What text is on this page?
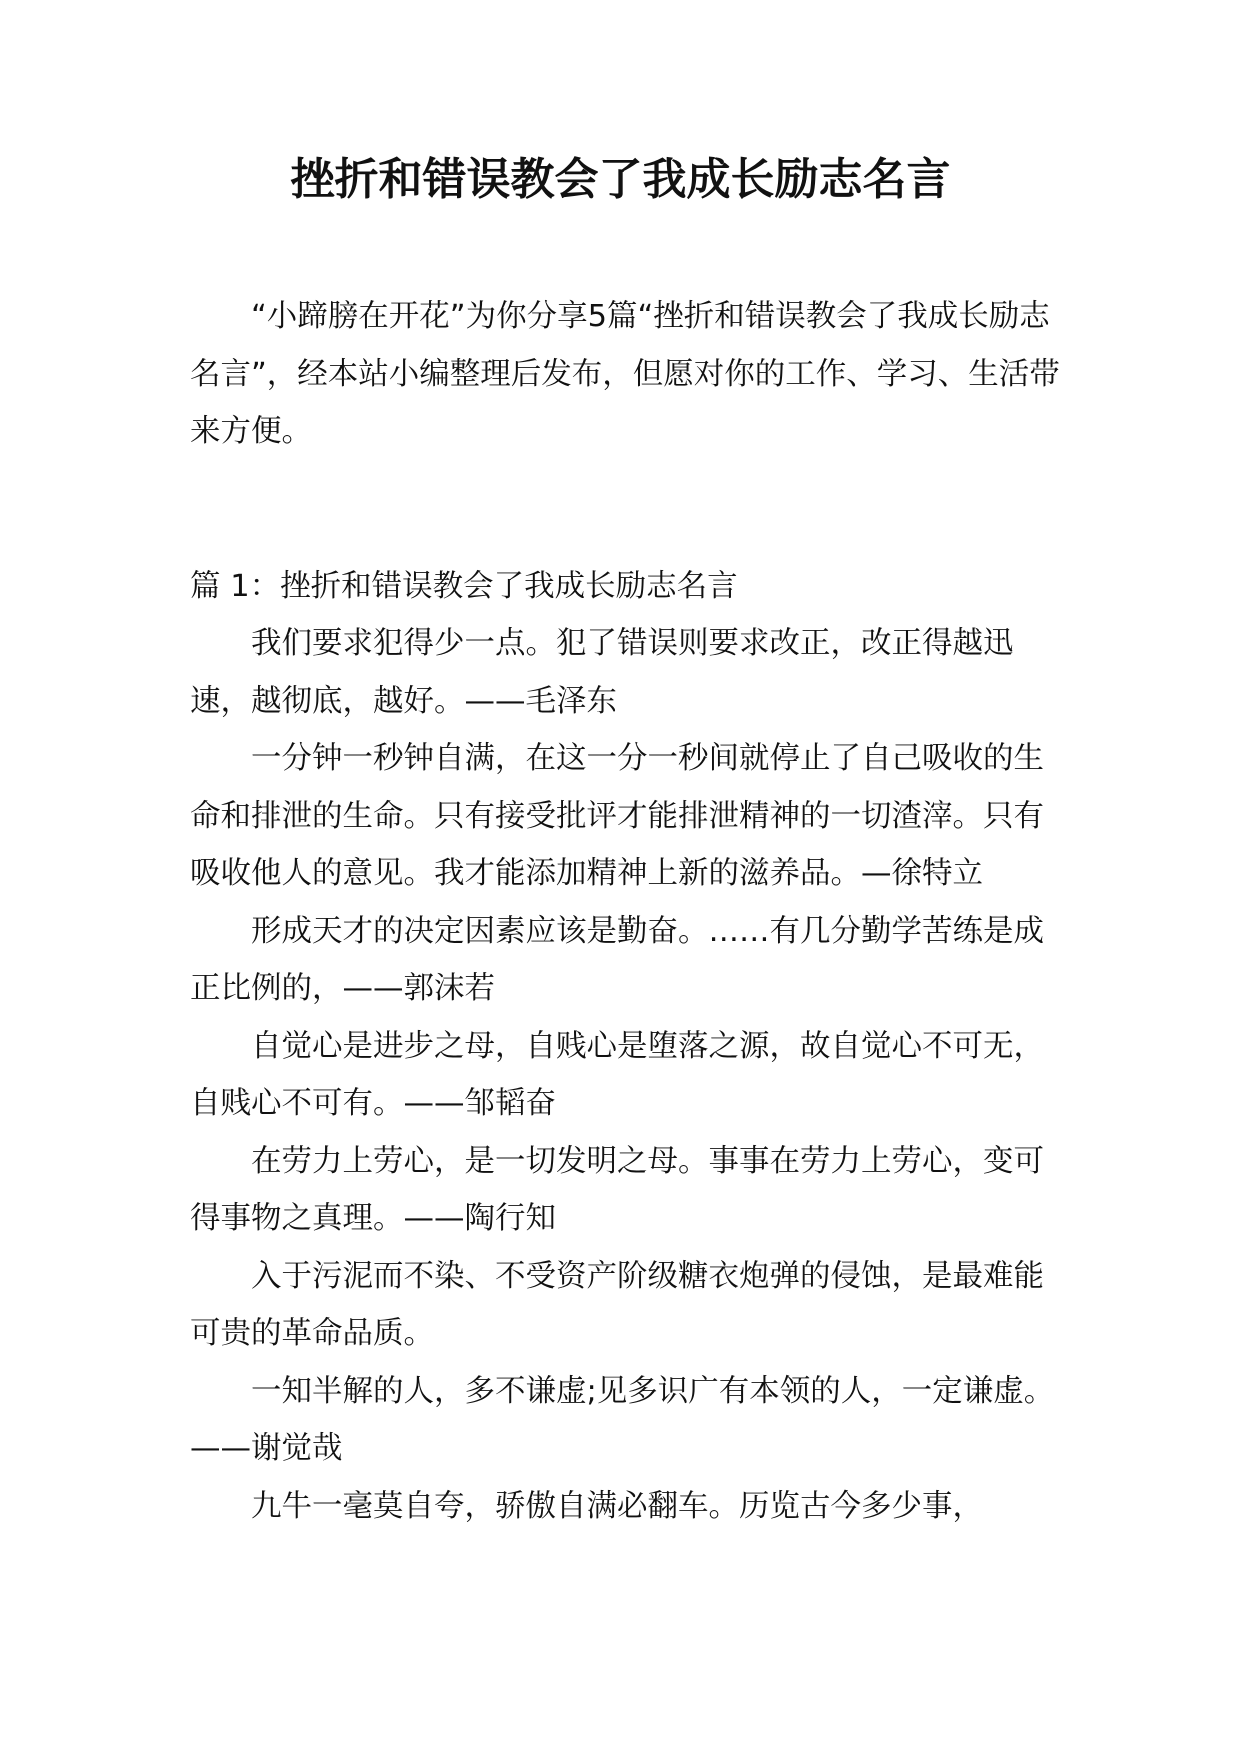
挫折和错误教会了我成长励志名言

“小蹄膀在开花”为你分享5篇“挫折和错误教会了我成长励志名言”，经本站小编整理后发布，但愿对你的工作、学习、生活带来方便。

篇 1：挫折和错误教会了我成长励志名言

我们要求犯得少一点。犯了错误则要求改正，改正得越迅速，越彻底，越好。——毛泽东

一分钟一秒钟自满，在这一分一秒间就停止了自己吸收的生命和排泄的生命。只有接受批评才能排泄精神的一切渣滓。只有吸收他人的意见。我才能添加精神上新的滋养品。—徐特立

形成天才的决定因素应该是勤奋。……有几分勤学苦练是成正比例的，——郭沫若

自觉心是进步之母，自贱心是堕落之源，故自觉心不可无，自贱心不可有。——邹韬奋

在劳力上劳心，是一切发明之母。事事在劳力上劳心，变可得事物之真理。——陶行知

入于污泥而不染、不受资产阶级糖衣炮弹的侵蚀，是最难能可贵的革命品质。

一知半解的人，多不谦虚;见多识广有本领的人，一定谦虚。——谢觉哉

九牛一毫莫自夸，骄傲自满必翻车。历览古今多少事，
